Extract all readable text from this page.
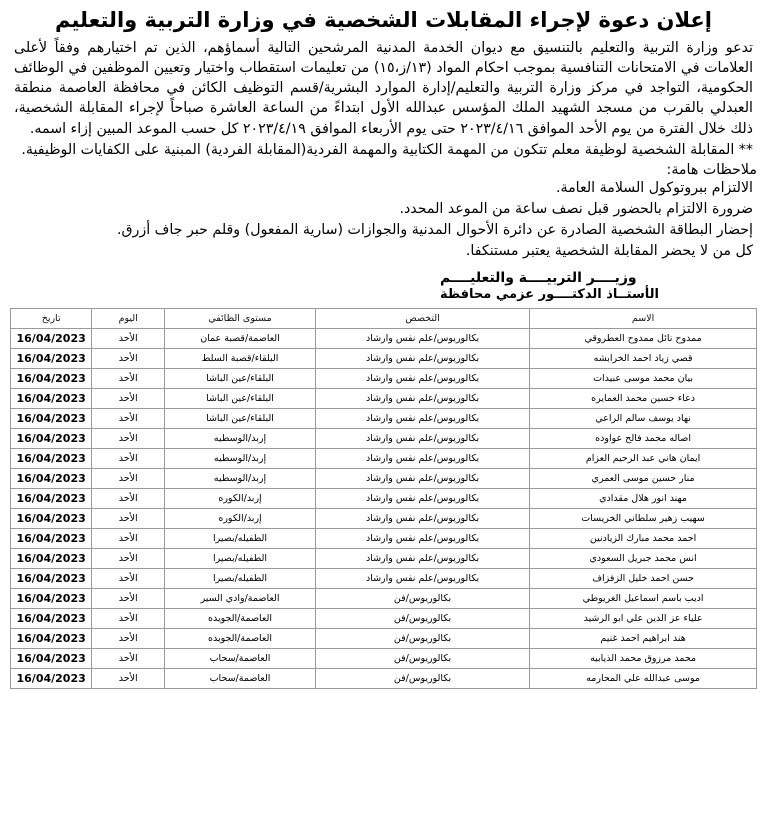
إعلان دعوة لإجراء المقابلات الشخصية في وزارة التربية والتعليم

تدعو وزارة التربية والتعليم بالتنسيق مع ديوان الخدمة المدنية المرشحين التالية أسماؤهم، الذين تم اختيارهم وفقاً لأعلى العلامات في الامتحانات التنافسية بموجب احكام المواد (١٣/ز،١٥) من تعليمات استقطاب واختيار وتعيين الموظفين في الوظائف الحكومية، التواجد في مركز وزارة التربية والتعليم/إدارة الموارد البشرية/قسم التوظيف الكائن في محافظة العاصمة منطقة العبدلي بالقرب من مسجد الشهيد الملك المؤسس عبدالله الأول ابتداءً من الساعة العاشرة صباحاً لإجراء المقابلة الشخصية، ذلك خلال الفترة من يوم الأحد الموافق ٢٠٢٣/٤/١٦ حتى يوم الأربعاء الموافق ٢٠٢٣/٤/١٩ كل حسب الموعد المبين إزاء اسمه.

** المقابلة الشخصية لوظيفة معلم تتكون من المهمة الكتابية والمهمة الفردية(المقابلة الفردية) المبنية على الكفايات الوظيفية.

ملاحظات هامة:

الالتزام ببروتوكول السلامة العامة.

ضرورة الالتزام بالحضور قبل نصف ساعة من الموعد المحدد.

إحضار البطاقة الشخصية الصادرة عن دائرة الأحوال المدنية والجوازات (سارية المفعول) وقلم حبر جاف أزرق.

كل من لا يحضر المقابلة الشخصية يعتبر مستنكفا.

وزيــــر التربيــــة والتعليــــم
الأستــاذ الدكتــــور عزمي محافظة
الاسم	التخصص	مستوى الظائفي	اليوم	تاريخ
ممدوح نائل ممدوح العطروقي	بكالوريوس/علم نفس وارشاد	العاصمة/قصبة عمان	الأحد	16/04/2023
قصي زياد احمد الخرابشه	بكالوريوس/علم نفس وارشاد	البلقاء/قصبة السلط	الأحد	16/04/2023
بيان محمد موسى عبيدات	بكالوريوس/علم نفس وارشاد	البلقاء/عين الباشا	الأحد	16/04/2023
دعاء حسين محمد العمايره	بكالوريوس/علم نفس وارشاد	البلقاء/عين الباشا	الأحد	16/04/2023
نهاد يوسف سالم الراعي	بكالوريوس/علم نفس وارشاد	البلقاء/عين الباشا	الأحد	16/04/2023
اصاله محمد فالح عواوده	بكالوريوس/علم نفس وارشاد	إربد/الوسطيه	الأحد	16/04/2023
ايمان هاني عبد الرحيم العزام	بكالوريوس/علم نفس وارشاد	إربد/الوسطيه	الأحد	16/04/2023
منار حسين موسى العمري	بكالوريوس/علم نفس وارشاد	إربد/الوسطيه	الأحد	16/04/2023
مهند انور هلال مقدادي	بكالوريوس/علم نفس وارشاد	إربد/الكوره	الأحد	16/04/2023
سهيب زهير سلطاني الخريسات	بكالوريوس/علم نفس وارشاد	إربد/الكوره	الأحد	16/04/2023
احمد محمد مبارك الزيادنين	بكالوريوس/علم نفس وارشاد	الطفيله/بصيرا	الأحد	16/04/2023
انس محمد جبريل السعودي	بكالوريوس/علم نفس وارشاد	الطفيله/بصيرا	الأحد	16/04/2023
حسن احمد خليل الزفزاف	بكالوريوس/علم نفس وارشاد	الطفيله/بصيرا	الأحد	16/04/2023
اديب باسم اسماعيل الغريوطي	بكالوريوس/فن	العاصمة/وادي السير	الأحد	16/04/2023
علياء عز الدين علي ابو الرشيد	بكالوريوس/فن	العاصمة/الجويده	الأحد	16/04/2023
هند ابراهيم احمد غنيم	بكالوريوس/فن	العاصمة/الجويده	الأحد	16/04/2023
محمد مرزوق محمد الذيابيه	بكالوريوس/فن	العاصمة/سحاب	الأحد	16/04/2023
موسى عبدالله علي المحارمه	بكالوريوس/فن	العاصمة/سحاب	الأحد	16/04/2023
